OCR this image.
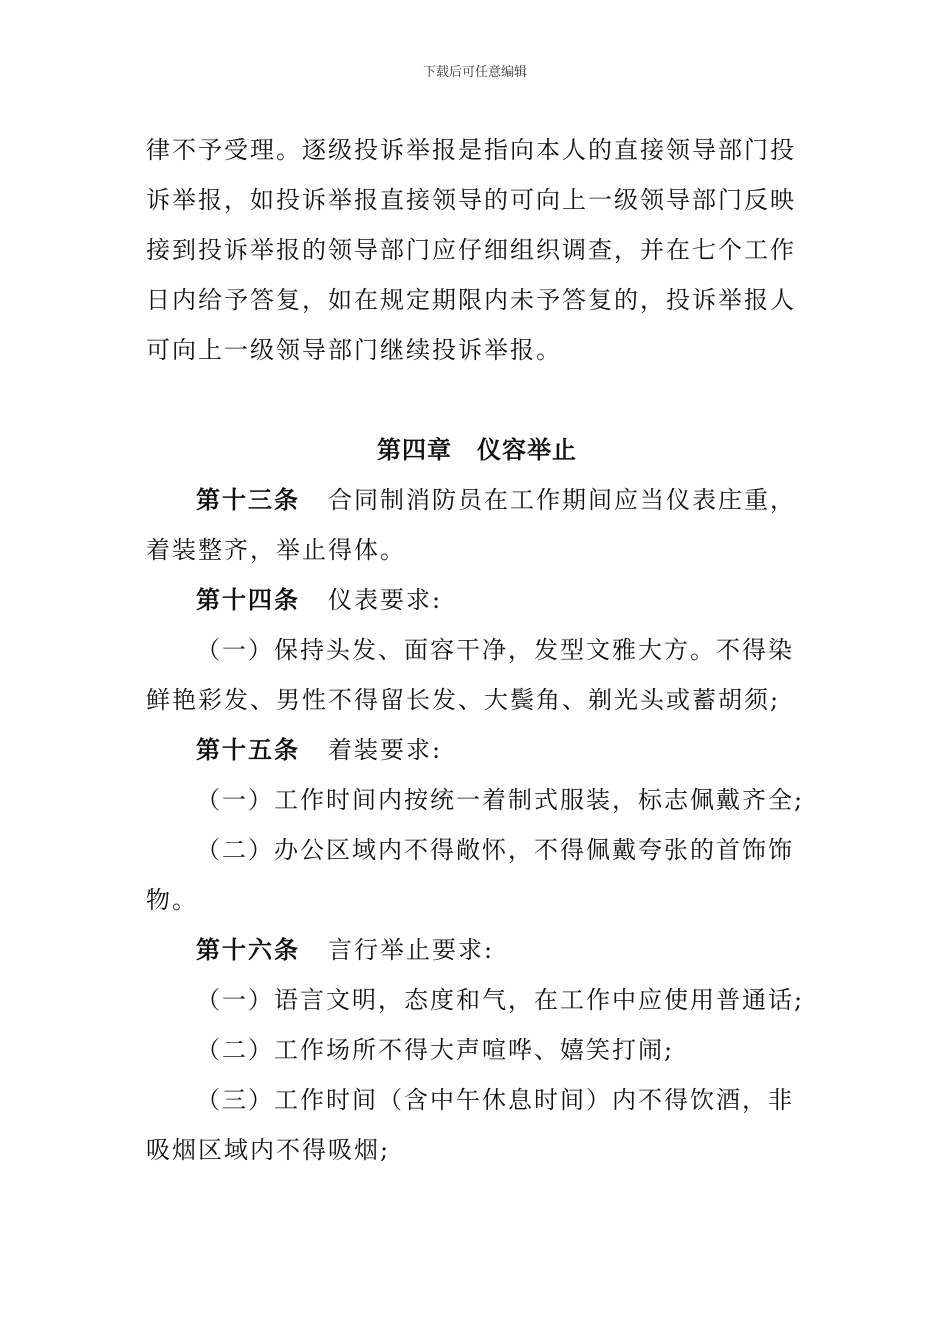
下载后可任意编辑

律不予受理。逐级投诉举报是指向本人的直接领导部门投诉举报，如投诉举报直接领导的可向上一级领导部门反映接到投诉举报的领导部门应仔细组织调查，并在七个工作日内给予答复，如在规定期限内未予答复的，投诉举报人可向上一级领导部门继续投诉举报。

第四章　仪容举止

第十三条 合同制消防员在工作期间应当仪表庄重，着装整齐，举止得体。

第十四条 仪表要求:

（一）保持头发、面容干净，发型文雅大方。不得染鲜艳彩发、男性不得留长发、大鬓角、剃光头或蓄胡须;

第十五条 着装要求:

（一）工作时间内按统一着制式服装，标志佩戴齐全;

（二）办公区域内不得敞怀，不得佩戴夸张的首饰饰物。

第十六条 言行举止要求:

（一）语言文明，态度和气，在工作中应使用普通话;

（二）工作场所不得大声喧哗、嬉笑打闹;

（三）工作时间（含中午休息时间）内不得饮酒，非吸烟区域内不得吸烟;
